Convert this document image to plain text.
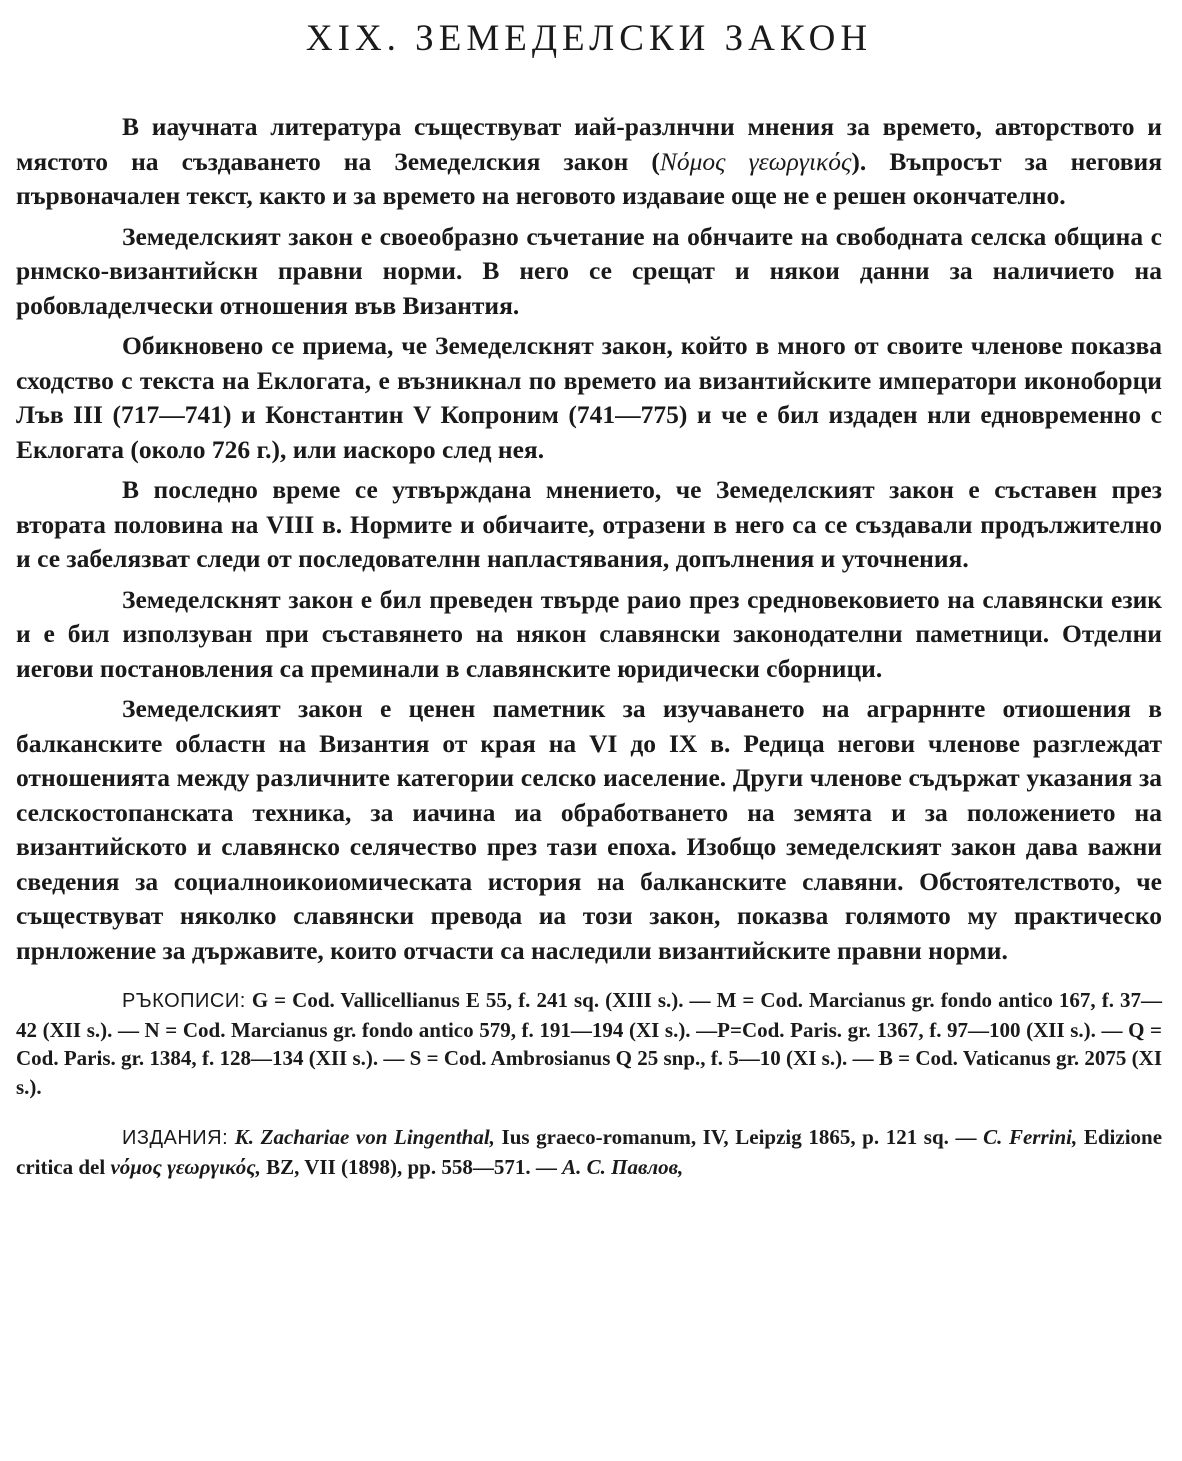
XIX. ЗЕМЕДЕЛСКИ ЗАКОН

В иаучната литература съществуват иай-разлнчни мнения за времето, авторството и мястото на създаването на Земеделския закон (Νόμος γεωργικός). Въпросът за неговия първоначален текст, както и за времето на неговото издаваие още не е решен окончателно.

Земеделският закон е своеобразно съчетание на обнчаите на свободната селска община с рнмско-византийскн правни норми. В него се срещат и някои данни за наличието на робовладелчески отношения във Византия.

Обикновено се приема, че Земеделскнят закон, който в много от своите членове показва сходство с текста на Еклогата, е възникнал по времето иа византийските императори иконоборци Лъв III (717—741) и Константин V Копроним (741—775) и че е бил издаден нли едновременно с Еклогата (около 726 г.), или иаскоро след нея.

В последно време се утвърждана мнението, че Земеделският закон е съставен през втората половина на VIII в. Нормите и обичаите, отразени в него са се създавали продължително и се забелязват следи от последователнн напластявания, допълнения и уточнения.

Земеделскнят закон е бил преведен твърде раио през средновековието на славянски език и е бил използуван при съставянето на някон славянски законодателни паметници. Отделни иегови постановления са преминали в славянските юридически сборници.

Земеделският закон е ценен паметник за изучаването на аграрннте отиошения в балканските областн на Византия от края на VI до IX в. Редица негови членове разглеждат отношенията между различните категории селско иаселение. Други членове съдържат указания за селскостопанската техника, за иачина иа обработването на земята и за положението на византийското и славянско селячество през тази епоха. Изобщо земеделският закон дава важни сведения за социалноикоиомическата история на балканските славяни. Обстоятелството, че съществуват няколко славянски превода иа този закон, показва голямото му практическо прнложение за държавите, които отчасти са наследили византийските правни норми.

РЪКОПИСИ: G = Cod. Vallicellianus E 55, f. 241 sq. (XIII s.). — M = Cod. Marcianus gr. fondo antico 167, f. 37—42 (XII s.). — N = Cod. Marcianus gr. fondo antico 579, f. 191—194 (XI s.). —P=Cod. Paris. gr. 1367, f. 97—100 (XII s.). — Q = Cod. Paris. gr. 1384, f. 128—134 (XII s.). — S = Cod. Ambrosianus Q 25 snp., f. 5—10 (XI s.). — B = Cod. Vaticanus gr. 2075 (XI s.).

ИЗДАНИЯ: K. Zachariae von Lingenthal, Ius graeco-romanum, IV, Leipzig 1865, p. 121 sq. — C. Ferrini, Edizione critica del νόμος γεωργικός, BZ, VII (1898), pp. 558—571. — А. С. Павлов,
